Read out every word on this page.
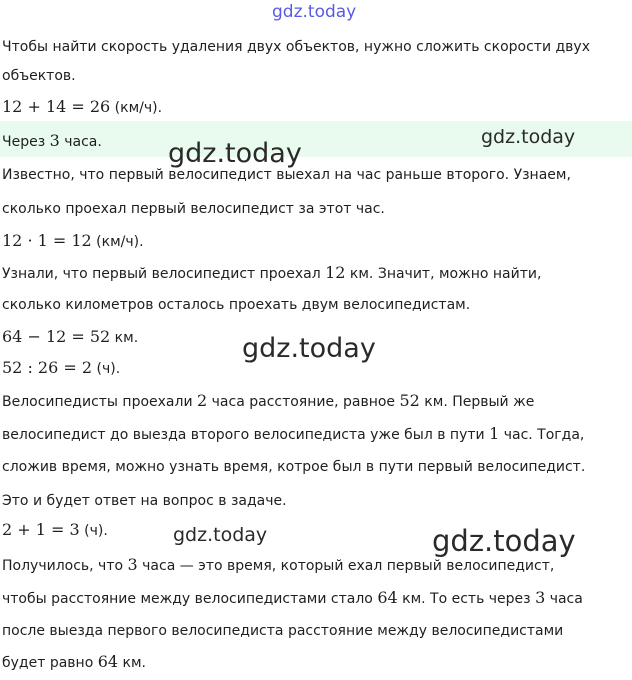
gdz.today
Чтобы найти скорость удаления двух объектов, нужно сложить скорости двух
объектов.
12 + 14 = 26 (км/ч).
Через 3 часа.
Известно, что первый велосипедист выехал на час раньше второго. Узнаем,
сколько проехал первый велосипедист за этот час.
12 · 1 = 12 (км/ч).
Узнали, что первый велосипедист проехал 12 км. Значит, можно найти,
сколько километров осталось проехать двум велосипедистам.
64 − 12 = 52 км.
52 : 26 = 2 (ч).
Велосипедисты проехали 2 часа расстояние, равное 52 км. Первый же
велосипедист до выезда второго велосипедиста уже был в пути 1 час. Тогда,
сложив время, можно узнать время, котрое был в пути первый велосипедист.
Это и будет ответ на вопрос в задаче.
2 + 1 = 3 (ч).
Получилось, что 3 часа — это время, который ехал первый велосипедист,
чтобы расстояние между велосипедистами стало 64 км. То есть через 3 часа
после выезда первого велосипедиста расстояние между велосипедистами
будет равно 64 км.
gdz.today
gdz.today
gdz.today
gdz.today	gdz.today
